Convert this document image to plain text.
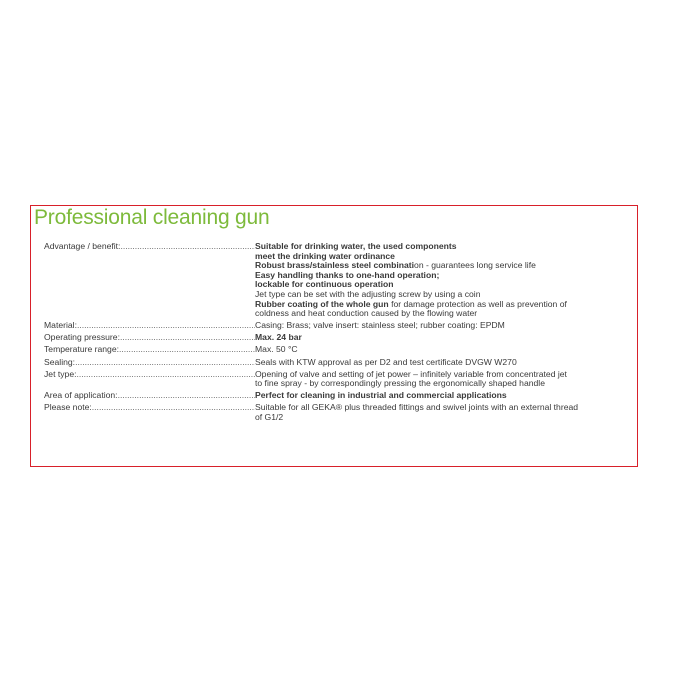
Professional cleaning gun
Advantage / benefit: .....	Suitable for drinking water, the used components

meet the drinking water ordinance

Robust brass/stainless steel combination - guarantees long service life

Easy handling thanks to one-hand operation;

lockable for continuous operation

Jet type can be set with the adjusting screw by using a coin

Rubber coating of the whole gun for damage protection as well as prevention of

coldness and heat conduction caused by the flowing water

Material: .....	Casing: Brass; valve insert: stainless steel; rubber coating: EPDM

Operating pressure: .....	Max. 24 bar

Temperature range: .....	Max. 50 °C

Sealing: .....	Seals with KTW approval as per D2 and test certificate DVGW W270

Jet type: .....	Opening of valve and setting of jet power – infinitely variable from concentrated jet

to fine spray - by correspondingly pressing the ergonomically shaped handle

Area of application: .....	Perfect for cleaning in industrial and commercial applications

Please note: .....	Suitable for all GEKA® plus threaded fittings and swivel joints with an external thread

of G1/2
